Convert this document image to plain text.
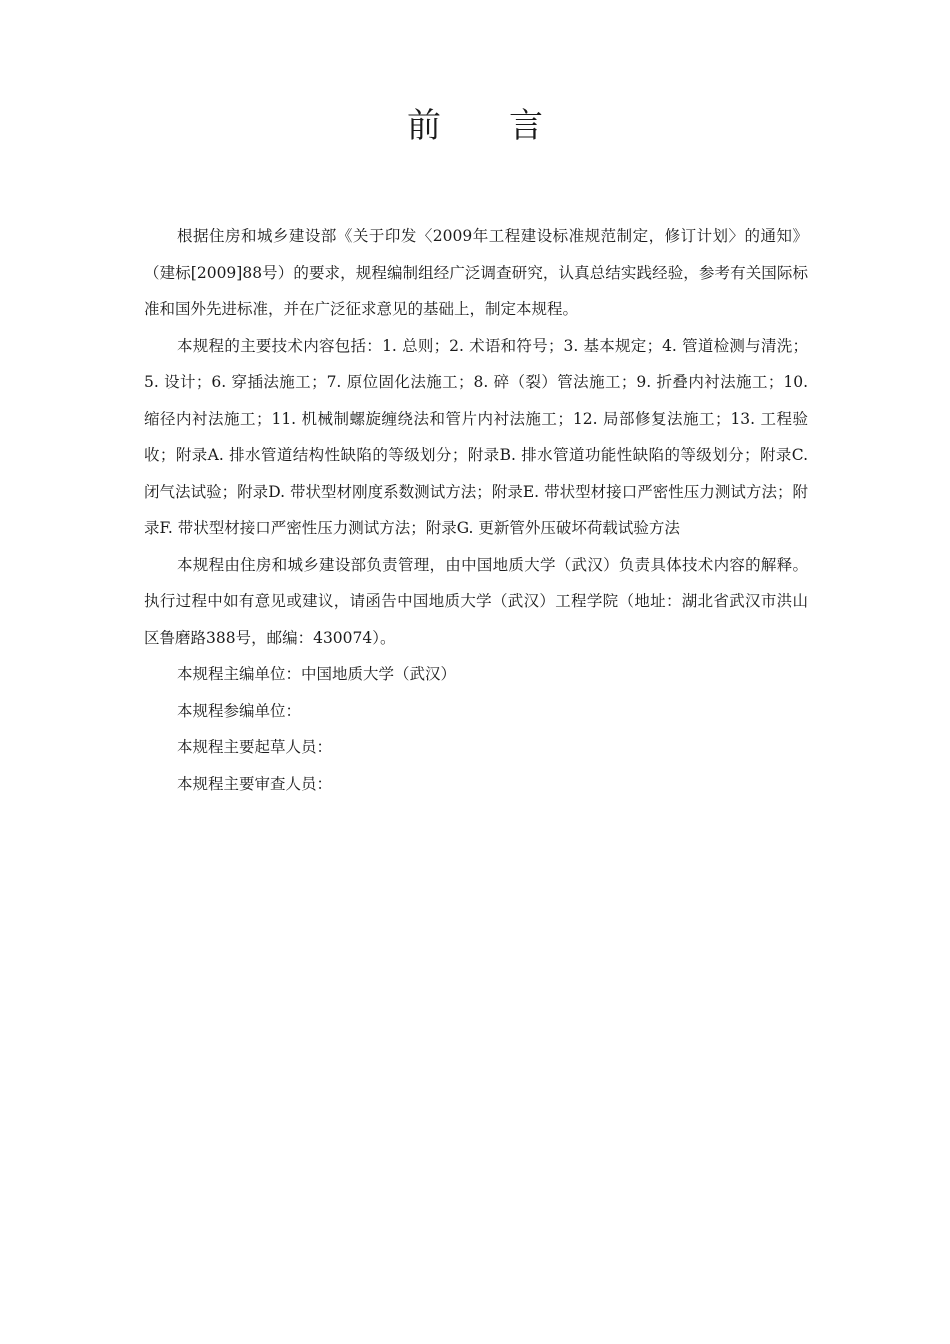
前言

根据住房和城乡建设部《关于印发〈2009年工程建设标准规范制定，修订计划〉的通知》（建标[2009]88号）的要求，规程编制组经广泛调查研究，认真总结实践经验，参考有关国际标准和国外先进标准，并在广泛征求意见的基础上，制定本规程。

本规程的主要技术内容包括：1. 总则；2. 术语和符号；3. 基本规定；4. 管道检测与清洗；5. 设计；6. 穿插法施工；7. 原位固化法施工；8. 碎（裂）管法施工；9. 折叠内衬法施工；10. 缩径内衬法施工；11. 机械制螺旋缠绕法和管片内衬法施工；12. 局部修复法施工；13. 工程验收；附录A. 排水管道结构性缺陷的等级划分；附录B. 排水管道功能性缺陷的等级划分；附录C. 闭气法试验；附录D. 带状型材刚度系数测试方法；附录E. 带状型材接口严密性压力测试方法；附录F. 带状型材接口严密性压力测试方法；附录G. 更新管外压破坏荷载试验方法

本规程由住房和城乡建设部负责管理，由中国地质大学（武汉）负责具体技术内容的解释。执行过程中如有意见或建议，请函告中国地质大学（武汉）工程学院（地址：湖北省武汉市洪山区鲁磨路388号，邮编：430074）。

本规程主编单位：中国地质大学（武汉）

本规程参编单位：

本规程主要起草人员：

本规程主要审查人员：
